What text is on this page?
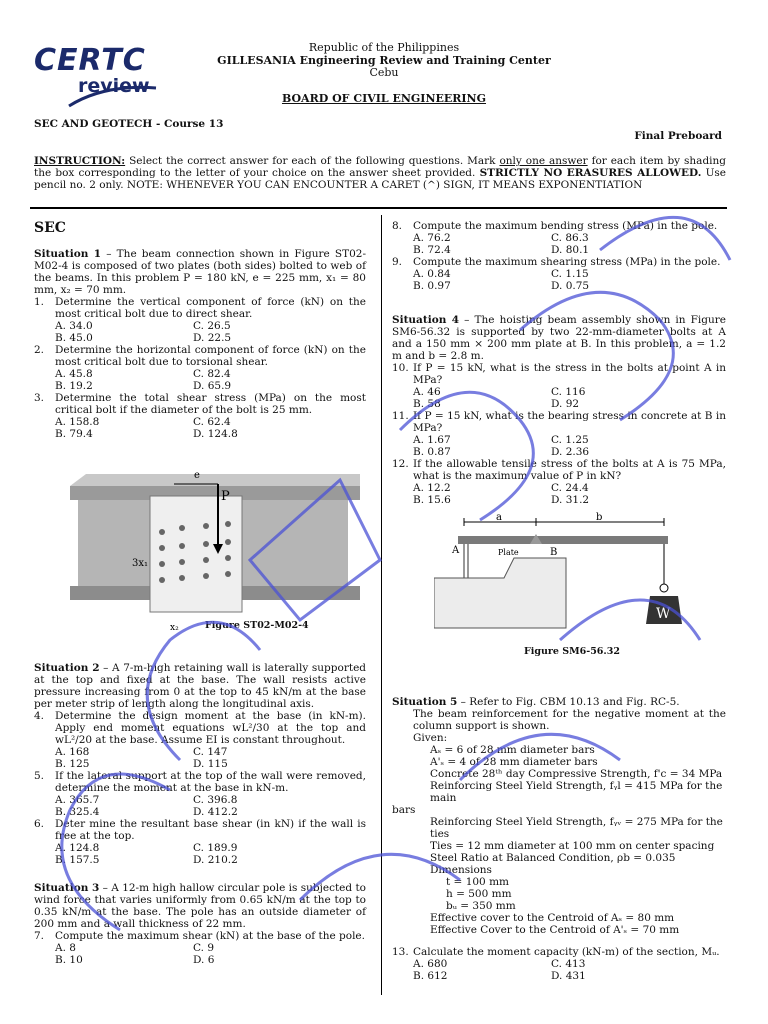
CERTC
review
Republic of the Philippines
GILLESANIA Engineering Review and Training Center
Cebu
BOARD OF CIVIL ENGINEERING
SEC AND GEOTECH - Course 13
Final Preboard
INSTRUCTION: Select the correct answer for each of the following questions. Mark only one answer for each item by shading the box corresponding to the letter of your choice on the answer sheet provided. STRICTLY NO ERASURES ALLOWED. Use pencil no. 2 only. NOTE: WHENEVER YOU CAN ENCOUNTER A CARET (^) SIGN, IT MEANS EXPONENTIATION
SEC
Situation 1 – The beam connection shown in Figure ST02-M02-4 is composed of two plates (both sides) bolted to web of the beams. In this problem P = 180 kN, e = 225 mm, x₁ = 80 mm, x₂ = 70 mm.
1.	Determine the vertical component of force (kN) on the most critical bolt due to direct shear.
A. 34.0	C. 26.5
B. 45.0	D. 22.5
2.	Determine the horizontal component of force (kN) on the most critical bolt due to torsional shear.
A. 45.8	C. 82.4
B. 19.2	D. 65.9
3.	Determine the total shear stress (MPa) on the most critical bolt if the diameter of the bolt is 25 mm.
A. 158.8	C. 62.4
B. 79.4	D. 124.8
e
P
3x₁
x₂	Figure ST02-M02-4
Situation 2 – A 7-m-high retaining wall is laterally supported at the top and fixed at the base. The wall resists active pressure increasing from 0 at the top to 45 kN/m at the base per meter strip of length along the longitudinal axis.
4.	Determine the design moment at the base (in kN-m). Apply end moment equations wL²/30 at the top and wL²/20 at the base. Assume EI is constant throughout.
A. 168	C. 147
B. 125	D. 115
5.	If the lateral support at the top of the wall were removed, determine the moment at the base in kN-m.
A. 365.7	C. 396.8
B. 325.4	D. 412.2
6.	Deter mine the resultant base shear (in kN) if the wall is free at the top.
A. 124.8	C. 189.9
B. 157.5	D. 210.2
Situation 3 – A 12-m high hallow circular pole is subjected to wind force that varies uniformly from 0.65 kN/m at the top to 0.35 kN/m at the base. The pole has an outside diameter of 200 mm and a wall thickness of 22 mm.
7.	Compute the maximum shear (kN) at the base of the pole.
A. 8	C. 9
B. 10	D. 6
8.	Compute the maximum bending stress (MPa) in the pole.
A. 76.2	C. 86.3
B. 72.4	D. 80.1
9.	Compute the maximum shearing stress (MPa) in the pole.
A. 0.84	C. 1.15
B. 0.97	D. 0.75
Situation 4 – The hoisting beam assembly shown in Figure SM6-56.32 is supported by two 22-mm-diameter bolts at A and a 150 mm × 200 mm plate at B. In this problem, a = 1.2 m and b = 2.8 m.
10. If P = 15 kN, what is the stress in the bolts at point A in MPa?
A. 46	C. 116
B. 58	D. 92
11. If P = 15 kN, what is the bearing stress in concrete at B in MPa?
A. 1.67	C. 1.25
B. 0.87	D. 2.36
12. If the allowable tensile stress of the bolts at A is 75 MPa, what is the maximum value of P in kN?
A. 12.2	C. 24.4
B. 15.6	D. 31.2
a	b
A	B
Plate
W
Figure SM6-56.32
Situation 5 – Refer to Fig. CBM 10.13 and Fig. RC-5.
The beam reinforcement for the negative moment at the column support is shown.
Given:
Aₛ = 6 of 28 mm diameter bars
A'ₛ = 4 of 28 mm diameter bars
Concrete 28ᵗʰ day Compressive Strength, f'c = 34 MPa
Reinforcing Steel Yield Strength, fᵧl = 415 MPa for the main
bars
Reinforcing Steel Yield Strength, fᵧᵥ = 275 MPa for the ties
Ties = 12 mm diameter at 100 mm on center spacing
Steel Ratio at Balanced Condition, ρb = 0.035
Dimensions
t = 100 mm
h = 500 mm
bᵤ = 350 mm
Effective cover to the Centroid of Aₛ = 80 mm
Effective Cover to the Centroid of A'ₛ = 70 mm
13. Calculate the moment capacity (kN-m) of the section, Mᵤ.
A. 680	C. 413
B. 612	D. 431
